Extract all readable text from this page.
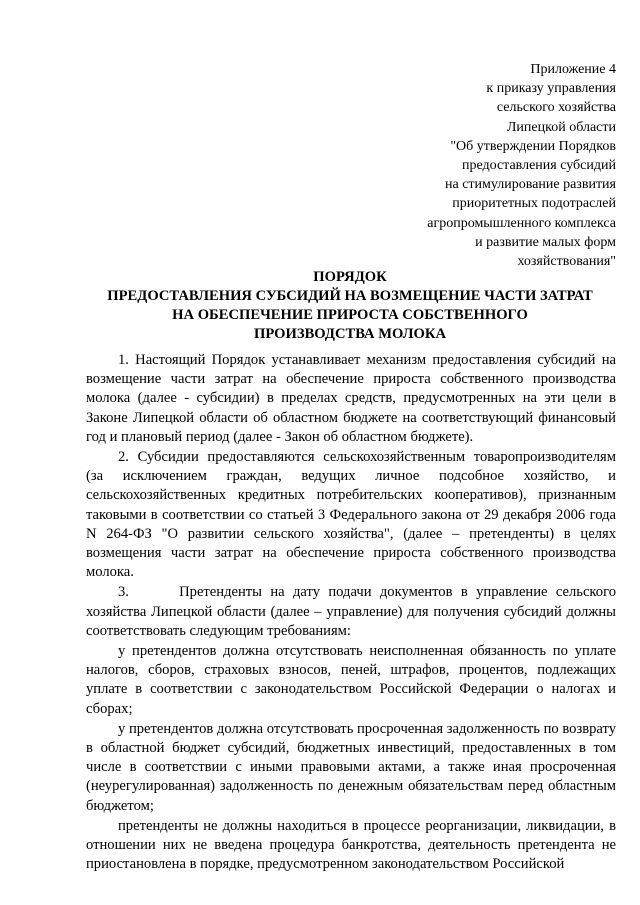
Приложение 4
к приказу управления
сельского хозяйства
Липецкой области
"Об утверждении Порядков
предоставления субсидий
на стимулирование развития
приоритетных подотраслей
агропромышленного комплекса
и развитие малых форм
хозяйствования"
ПОРЯДОК
ПРЕДОСТАВЛЕНИЯ СУБСИДИЙ НА ВОЗМЕЩЕНИЕ ЧАСТИ ЗАТРАТ
НА ОБЕСПЕЧЕНИЕ ПРИРОСТА СОБСТВЕННОГО
ПРОИЗВОДСТВА МОЛОКА

1. Настоящий Порядок устанавливает механизм предоставления субсидий на возмещение части затрат на обеспечение прироста собственного производства молока (далее - субсидии) в пределах средств, предусмотренных на эти цели в Законе Липецкой области об областном бюджете на соответствующий финансовый год и плановый период (далее - Закон об областном бюджете).

2. Субсидии предоставляются сельскохозяйственным товаропроизводителям (за исключением граждан, ведущих личное подсобное хозяйство, и сельскохозяйственных кредитных потребительских кооперативов), признанным таковыми в соответствии со статьей 3 Федерального закона от 29 декабря 2006 года N 264-ФЗ "О развитии сельского хозяйства", (далее – претенденты) в целях возмещения части затрат на обеспечение прироста собственного производства молока.

3.      Претенденты на дату подачи документов в управление сельского хозяйства Липецкой области (далее – управление) для получения субсидий должны соответствовать следующим требованиям:

у претендентов должна отсутствовать неисполненная обязанность по уплате налогов, сборов, страховых взносов, пеней, штрафов, процентов, подлежащих уплате в соответствии с законодательством Российской Федерации о налогах и сборах;

у претендентов должна отсутствовать просроченная задолженность по возврату в областной бюджет субсидий, бюджетных инвестиций, предоставленных в том числе в соответствии с иными правовыми актами, а также иная просроченная (неурегулированная) задолженность по денежным обязательствам перед областным бюджетом;

претенденты не должны находиться в процессе реорганизации, ликвидации, в отношении них не введена процедура банкротства, деятельность претендента не приостановлена в порядке, предусмотренном законодательством Российской
